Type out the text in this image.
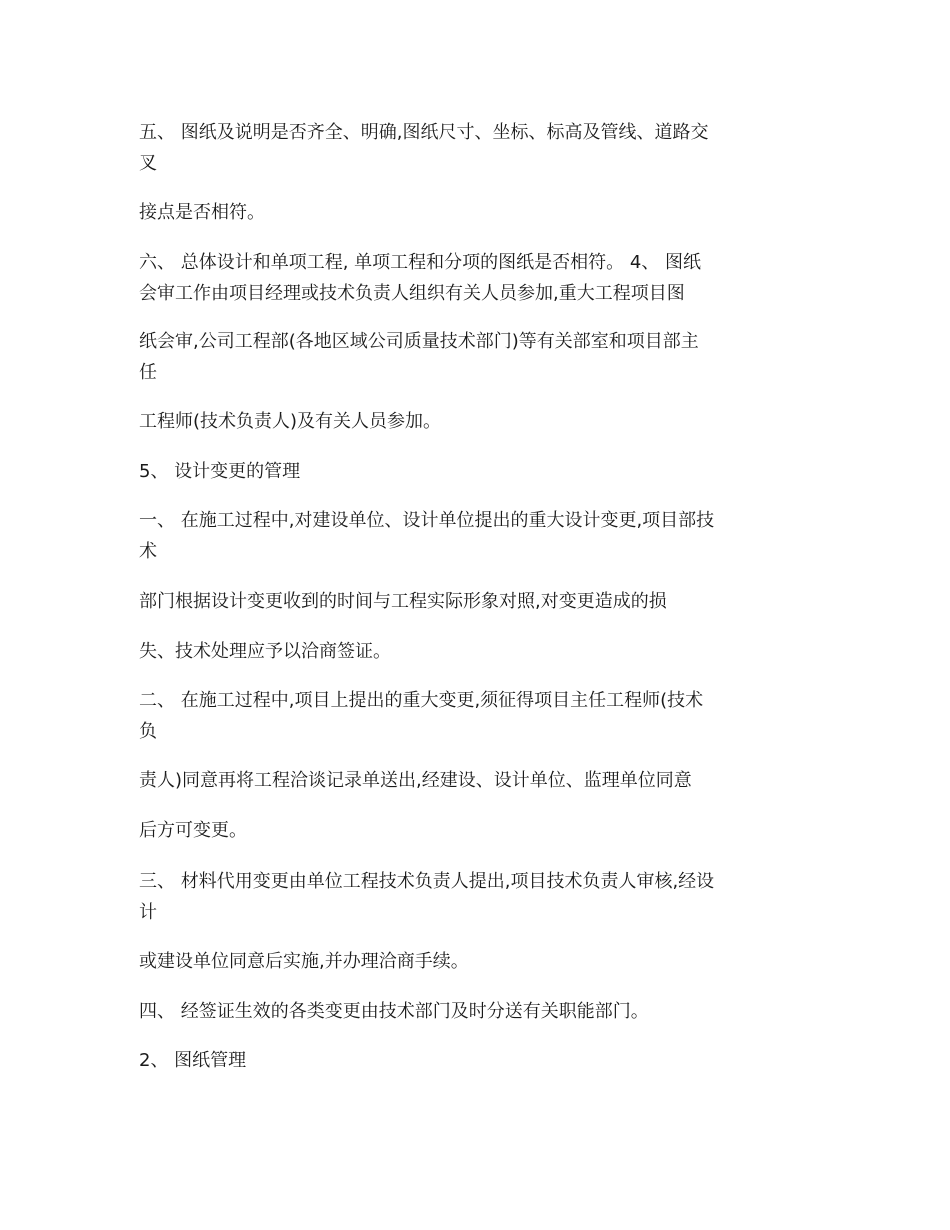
五、 图纸及说明是否齐全、明确,图纸尺寸、坐标、标高及管线、道路交
叉
接点是否相符。
六、 总体设计和单项工程, 单项工程和分项的图纸是否相符。 4、 图纸
会审工作由项目经理或技术负责人组织有关人员参加,重大工程项目图
纸会审,公司工程部(各地区域公司质量技术部门)等有关部室和项目部主
任
工程师(技术负责人)及有关人员参加。
5、 设计变更的管理
一、 在施工过程中,对建设单位、设计单位提出的重大设计变更,项目部技
术
部门根据设计变更收到的时间与工程实际形象对照,对变更造成的损
失、技术处理应予以洽商签证。
二、 在施工过程中,项目上提出的重大变更,须征得项目主任工程师(技术
负
责人)同意再将工程洽谈记录单送出,经建设、设计单位、监理单位同意
后方可变更。
三、 材料代用变更由单位工程技术负责人提出,项目技术负责人审核,经设
计
或建设单位同意后实施,并办理洽商手续。
四、 经签证生效的各类变更由技术部门及时分送有关职能部门。
2、 图纸管理
